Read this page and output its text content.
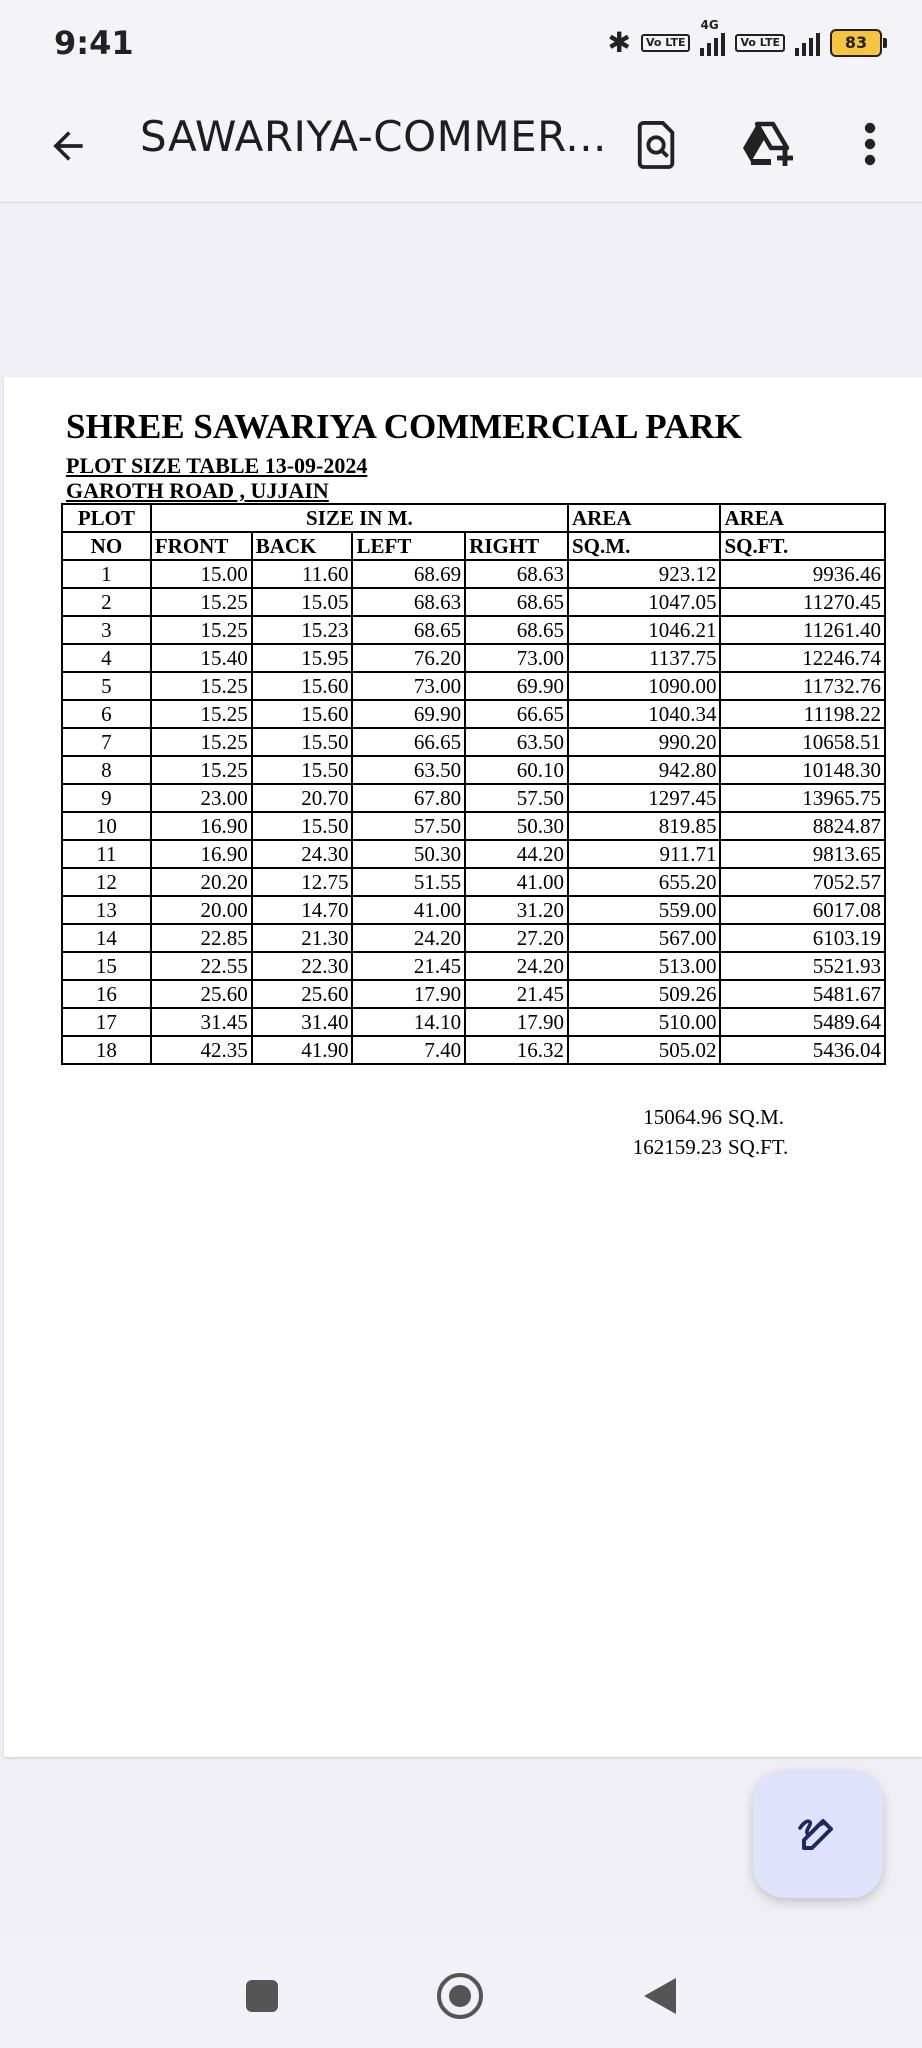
9:41	✱	Vo LTE
4G
Vo LTE	83
SAWARIYA-COMMER...
SHREE SAWARIYA COMMERCIAL PARK
PLOT SIZE TABLE 13-09-2024
GAROTH ROAD , UJJAIN
PLOT	SIZE IN M.				AREA	AREA
NO	FRONT	BACK	LEFT	RIGHT	SQ.M.	SQ.FT.
1	15.00	11.60	68.69	68.63	923.12	9936.46
2	15.25	15.05	68.63	68.65	1047.05	11270.45
3	15.25	15.23	68.65	68.65	1046.21	11261.40
4	15.40	15.95	76.20	73.00	1137.75	12246.74
5	15.25	15.60	73.00	69.90	1090.00	11732.76
6	15.25	15.60	69.90	66.65	1040.34	11198.22
7	15.25	15.50	66.65	63.50	990.20	10658.51
8	15.25	15.50	63.50	60.10	942.80	10148.30
9	23.00	20.70	67.80	57.50	1297.45	13965.75
10	16.90	15.50	57.50	50.30	819.85	8824.87
11	16.90	24.30	50.30	44.20	911.71	9813.65
12	20.20	12.75	51.55	41.00	655.20	7052.57
13	20.00	14.70	41.00	31.20	559.00	6017.08
14	22.85	21.30	24.20	27.20	567.00	6103.19
15	22.55	22.30	21.45	24.20	513.00	5521.93
16	25.60	25.60	17.90	21.45	509.26	5481.67
17	31.45	31.40	14.10	17.90	510.00	5489.64
18	42.35	41.90	7.40	16.32	505.02	5436.04
15064.96 SQ.M.
162159.23 SQ.FT.
